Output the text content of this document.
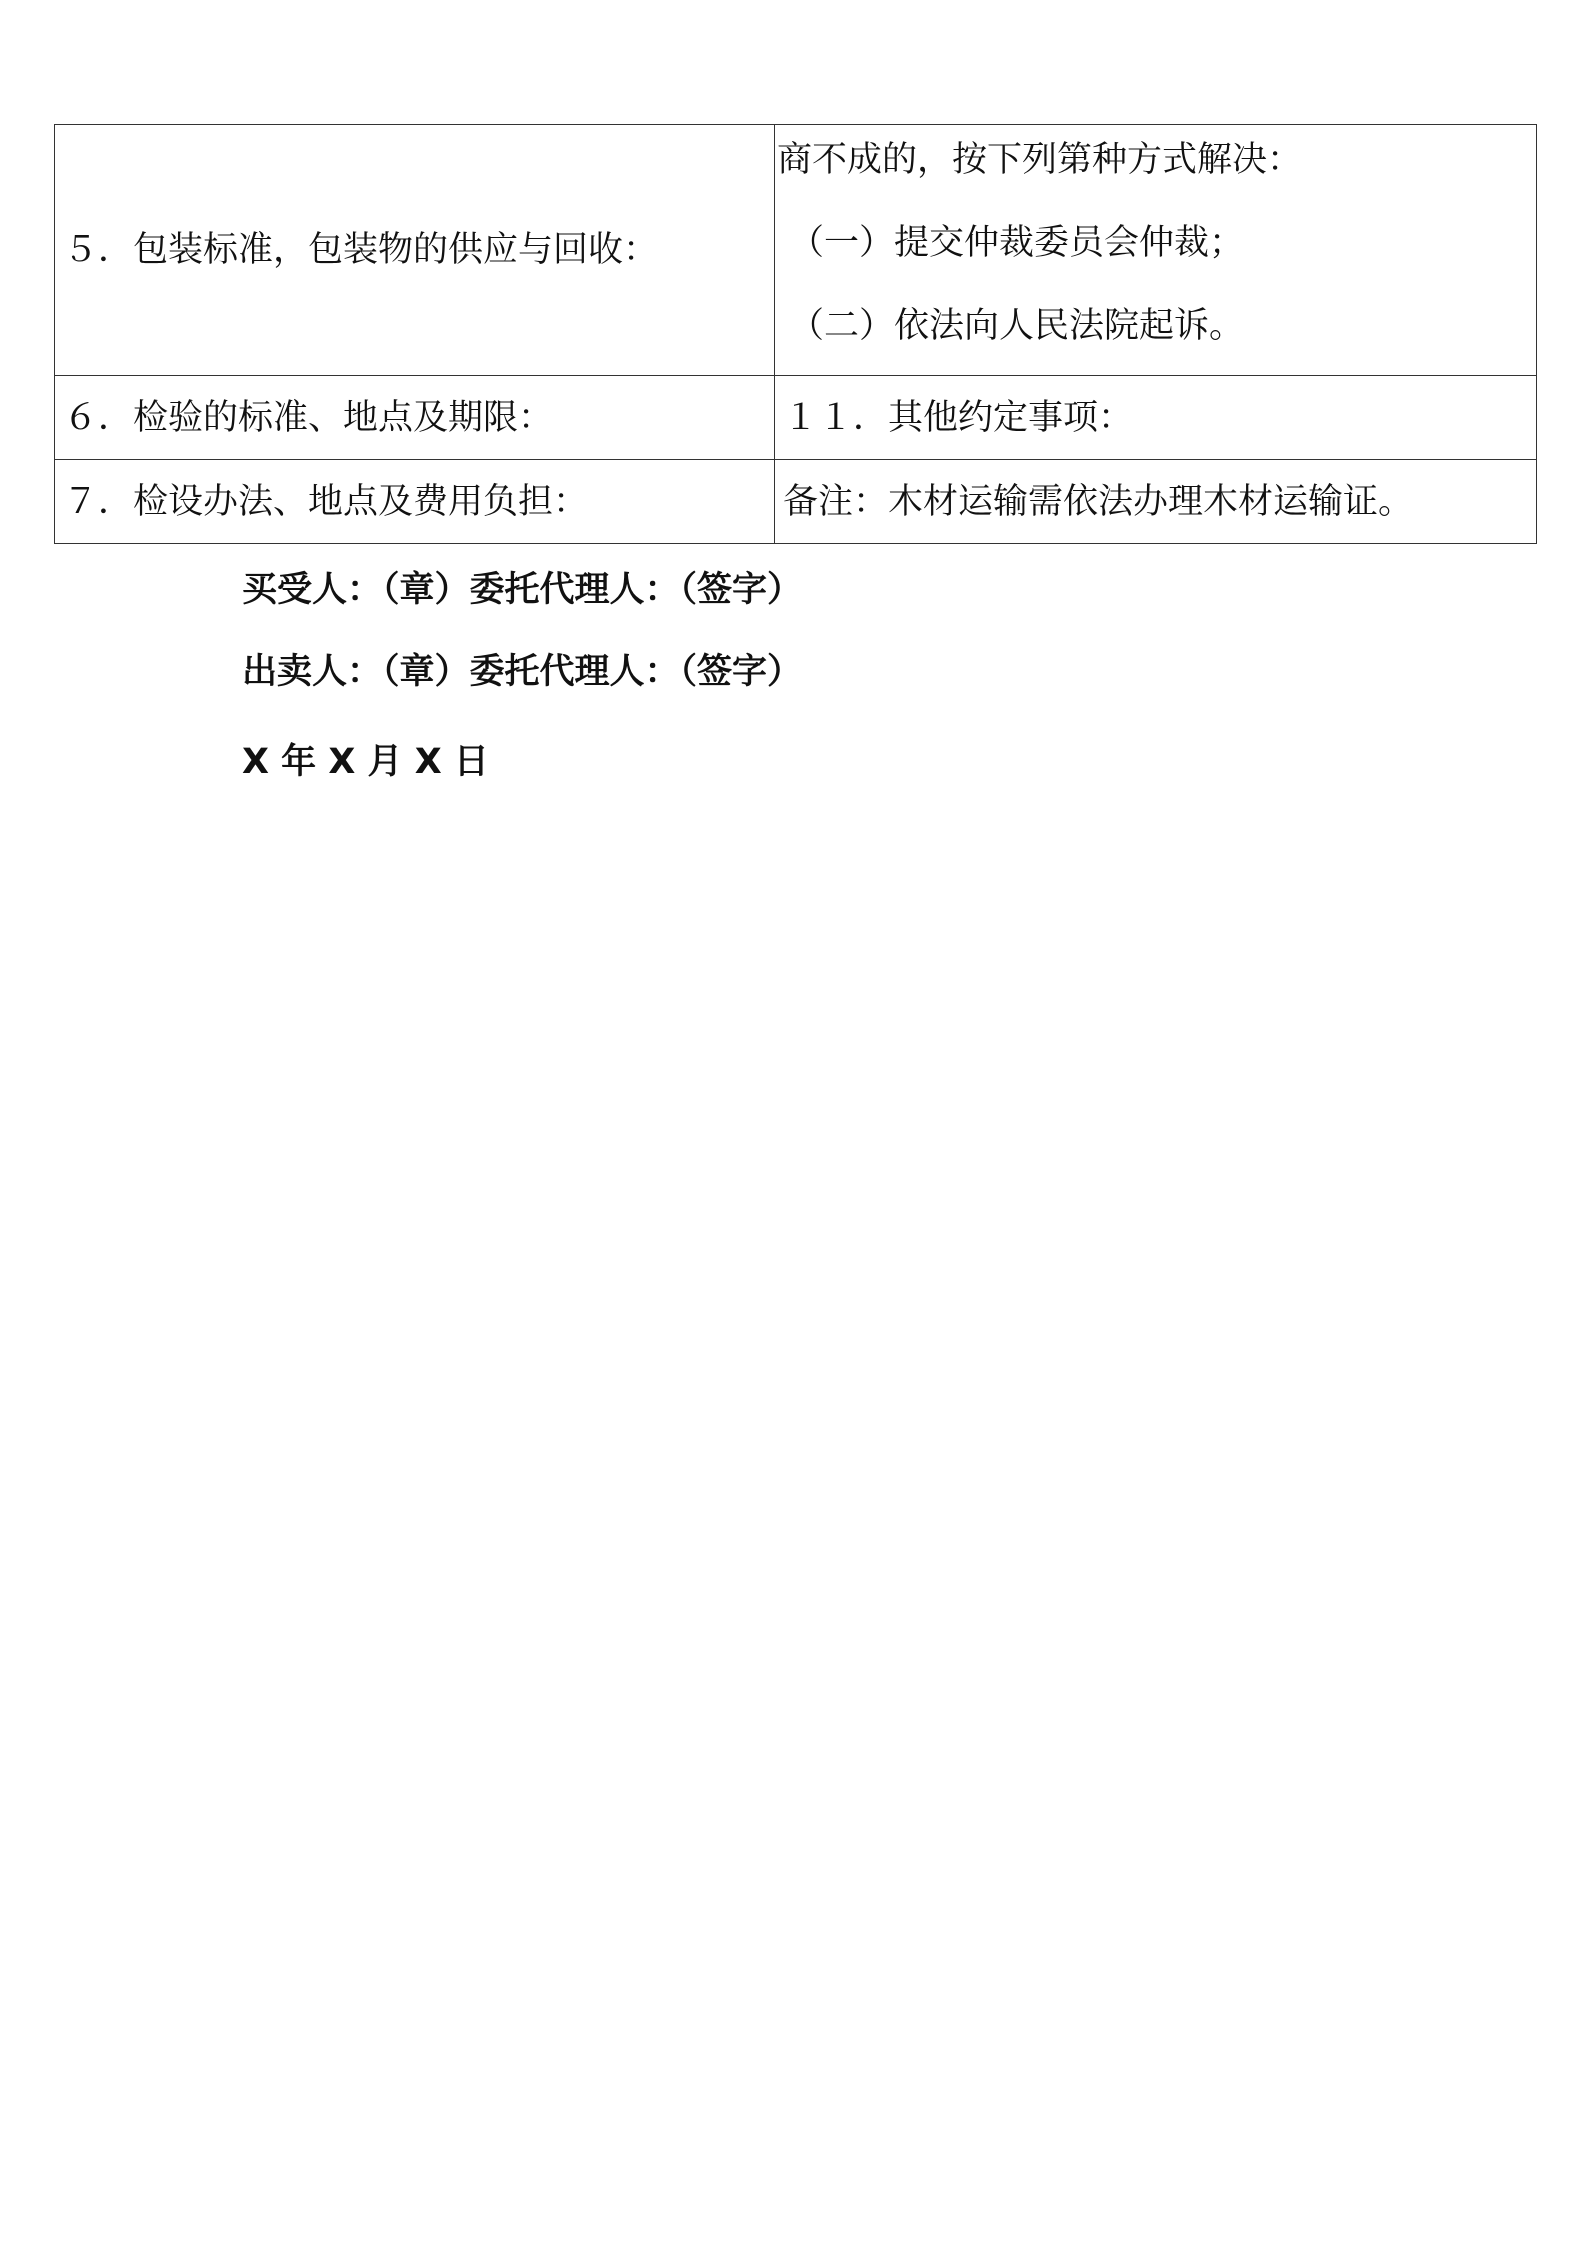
５．包装标准，包装物的供应与回收：	商不成的，按下列第种方式解决：
（一）提交仲裁委员会仲裁；
（二）依法向人民法院起诉。

６．检验的标准、地点及期限：	１１．其他约定事项：
７．检设办法、地点及费用负担：	备注：木材运输需依法办理木材运输证。
买受人：（章）委托代理人：（签字）
出卖人：（章）委托代理人：（签字）
X 年 X 月 X 日
